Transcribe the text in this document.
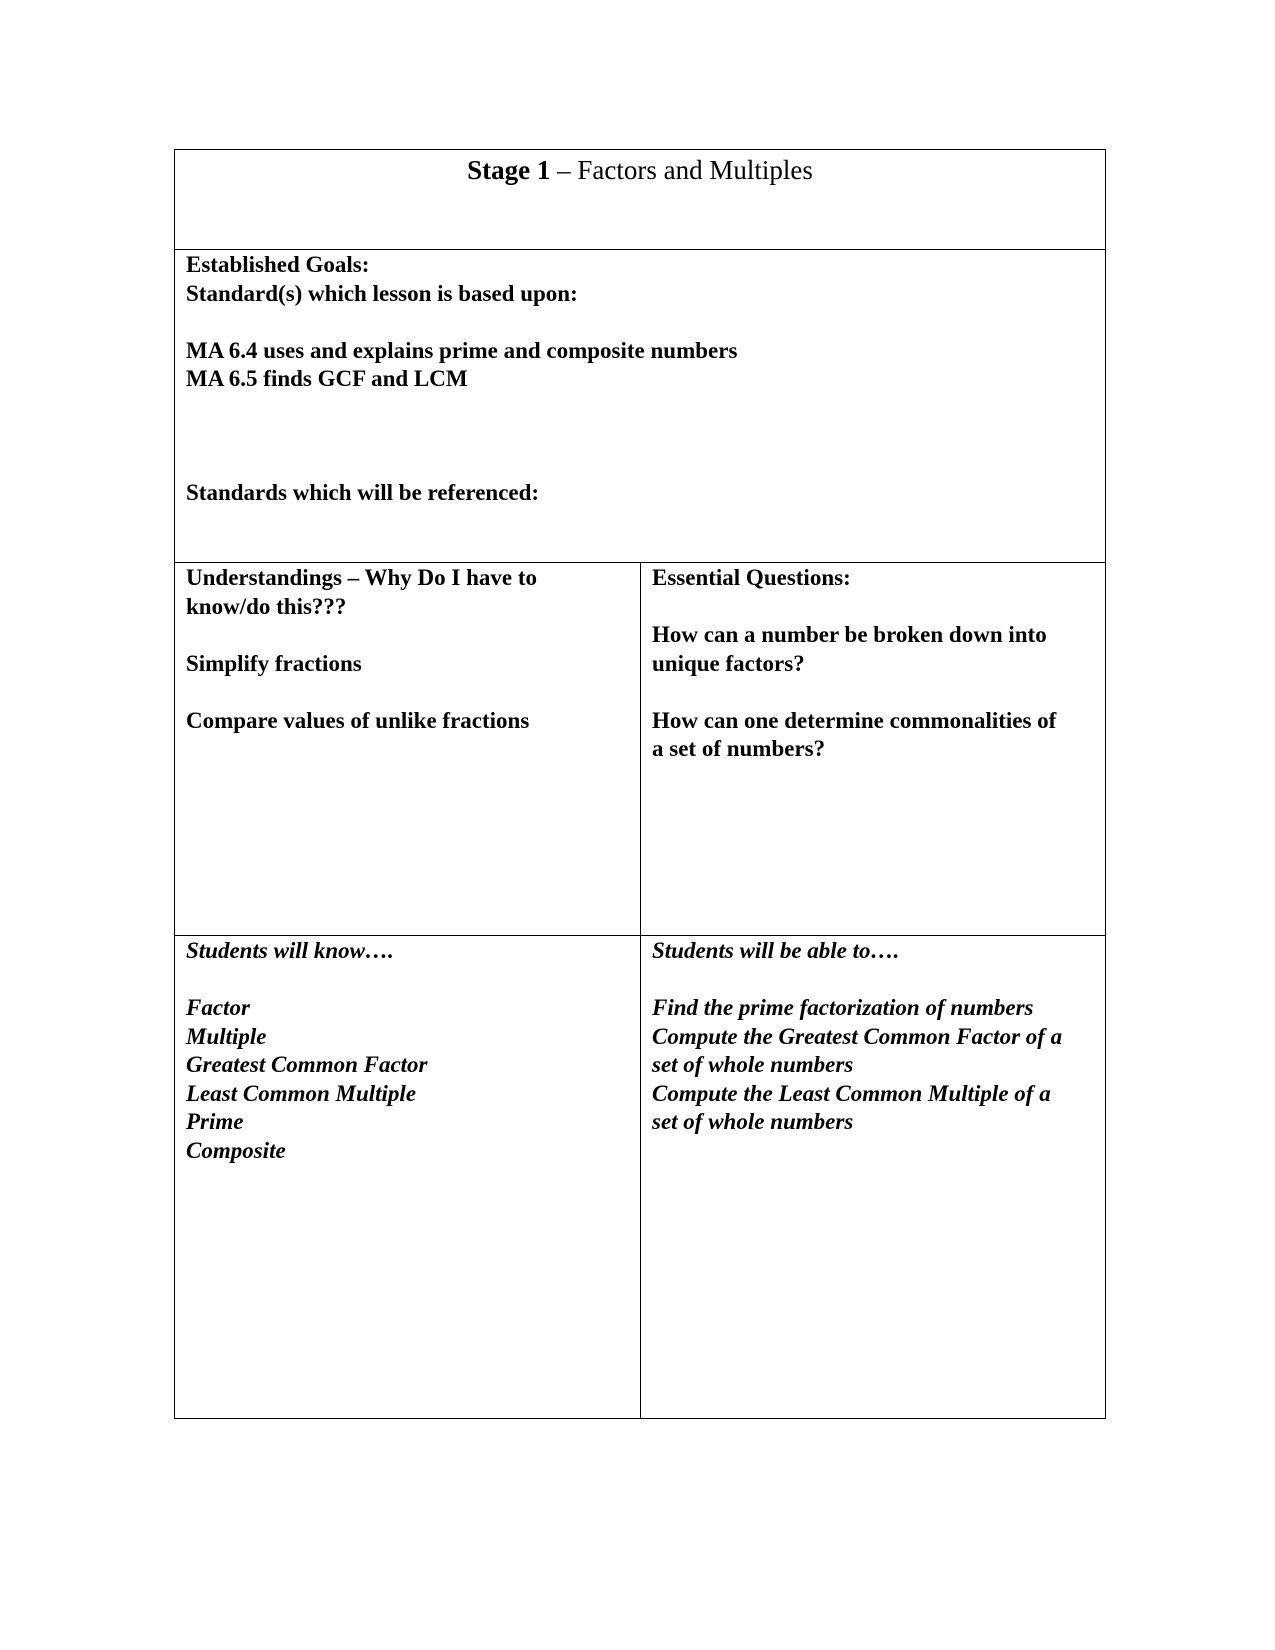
Stage 1 – Factors and Multiples
Established Goals:
Standard(s) which lesson is based upon:
MA 6.4 uses and explains prime and composite numbers
MA 6.5 finds GCF and LCM
Standards which will be referenced:
Understandings – Why Do I have to
know/do this???
Simplify fractions
Compare values of unlike fractions
Essential Questions:
How can a number be broken down into
unique factors?
How can one determine commonalities of
a set of numbers?
Students will know….
Factor
Multiple
Greatest Common Factor
Least Common Multiple
Prime
Composite
Students will be able to….
Find the prime factorization of numbers
Compute the Greatest Common Factor of a
set of whole numbers
Compute the Least Common Multiple of a
set of whole numbers
